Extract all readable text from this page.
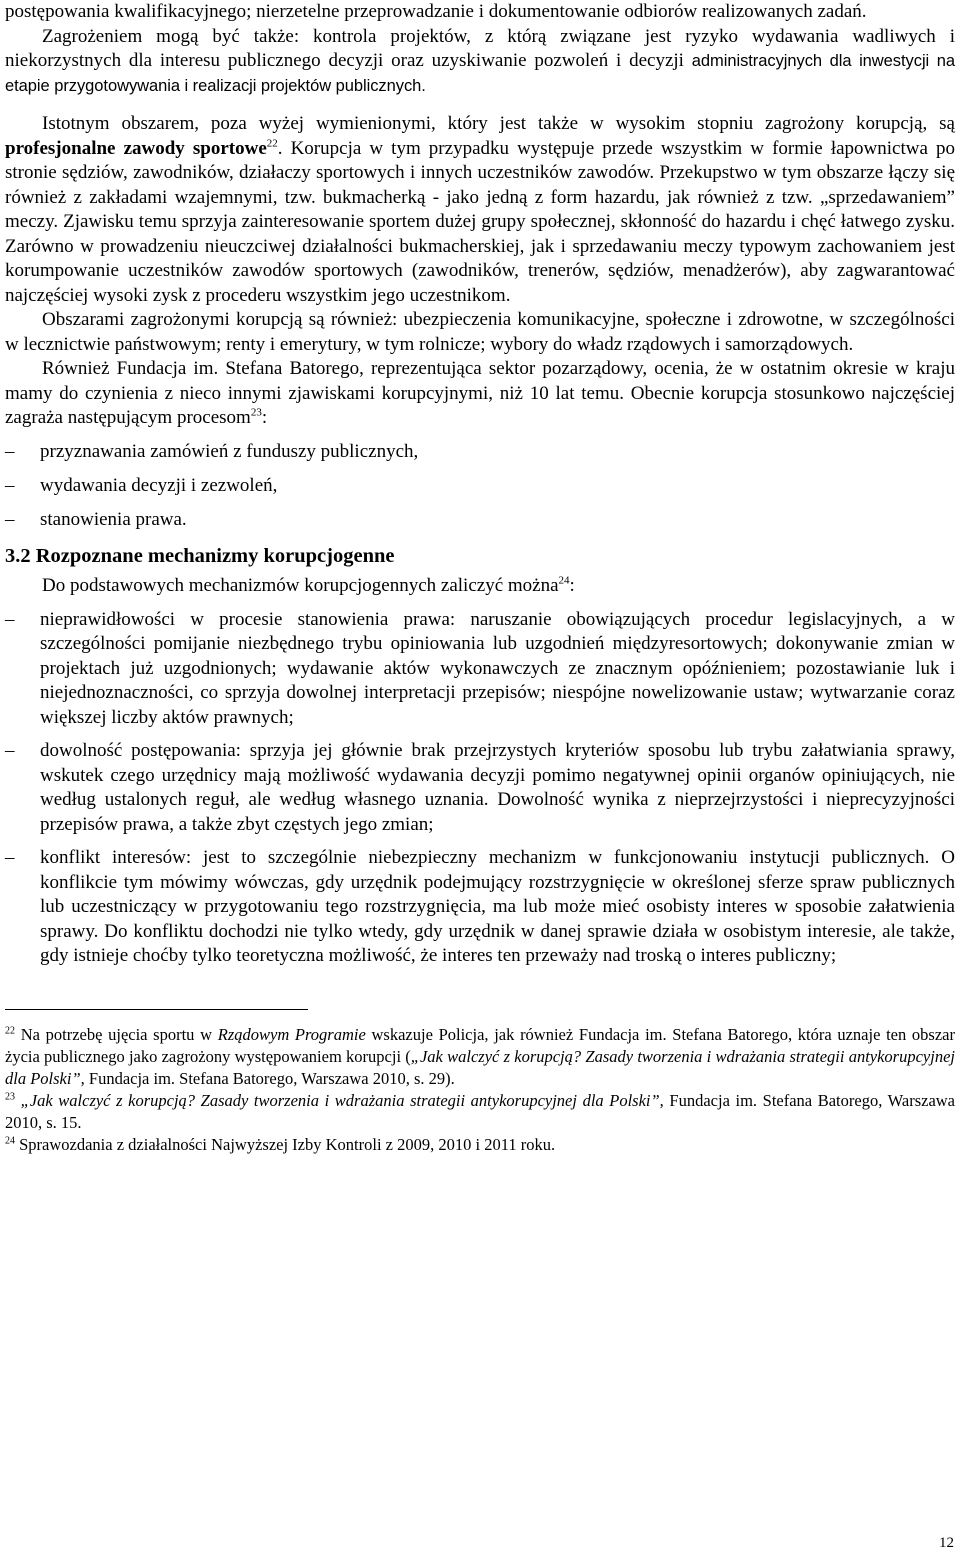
postępowania kwalifikacyjnego; nierzetelne przeprowadzanie i dokumentowanie odbiorów realizowanych zadań.

Zagrożeniem mogą być także: kontrola projektów, z którą związane jest ryzyko wydawania wadliwych i niekorzystnych dla interesu publicznego decyzji oraz uzyskiwanie pozwoleń i decyzji administracyjnych dla inwestycji na etapie przygotowywania i realizacji projektów publicznych.

Istotnym obszarem, poza wyżej wymienionymi, który jest także w wysokim stopniu zagrożony korupcją, są profesjonalne zawody sportowe$^{22}$. Korupcja w tym przypadku występuje przede wszystkim w formie łapownictwa po stronie sędziów, zawodników, działaczy sportowych i innych uczestników zawodów. Przekupstwo w tym obszarze łączy się również z zakładami wzajemnymi, tzw. bukmacherką - jako jedną z form hazardu, jak również z tzw. „sprzedawaniem” meczy. Zjawisku temu sprzyja zainteresowanie sportem dużej grupy społecznej, skłonność do hazardu i chęć łatwego zysku. Zarówno w prowadzeniu nieuczciwej działalności bukmacherskiej, jak i sprzedawaniu meczy typowym zachowaniem jest korumpowanie uczestników zawodów sportowych (zawodników, trenerów, sędziów, menadżerów), aby zagwarantować najczęściej wysoki zysk z procederu wszystkim jego uczestnikom.

Obszarami zagrożonymi korupcją są również: ubezpieczenia komunikacyjne, społeczne i zdrowotne, w szczególności w lecznictwie państwowym; renty i emerytury, w tym rolnicze; wybory do władz rządowych i samorządowych.

Również Fundacja im. Stefana Batorego, reprezentująca sektor pozarządowy, ocenia, że w ostatnim okresie w kraju mamy do czynienia z nieco innymi zjawiskami korupcyjnymi, niż 10 lat temu. Obecnie korupcja stosunkowo najczęściej zagraża następującym procesom$^{23}$:

– przyznawania zamówień z funduszy publicznych,
– wydawania decyzji i zezwoleń,
– stanowienia prawa.
3.2 Rozpoznane mechanizmy korupcjogenne

Do podstawowych mechanizmów korupcjogennych zaliczyć można$^{24}$:

– nieprawidłowości w procesie stanowienia prawa: naruszanie obowiązujących procedur legislacyjnych, a w szczególności pomijanie niezbędnego trybu opiniowania lub uzgodnień międzyresortowych; dokonywanie zmian w projektach już uzgodnionych; wydawanie aktów wykonawczych ze znacznym opóźnieniem; pozostawianie luk i niejednoznaczności, co sprzyja dowolnej interpretacji przepisów; niespójne nowelizowanie ustaw; wytwarzanie coraz większej liczby aktów prawnych;
– dowolność postępowania: sprzyja jej głównie brak przejrzystych kryteriów sposobu lub trybu załatwiania sprawy, wskutek czego urzędnicy mają możliwość wydawania decyzji pomimo negatywnej opinii organów opiniujących, nie według ustalonych reguł, ale według własnego uznania. Dowolność wynika z nieprzejrzystości i nieprecyzyjności przepisów prawa, a także zbyt częstych jego zmian;
– konflikt interesów: jest to szczególnie niebezpieczny mechanizm w funkcjonowaniu instytucji publicznych. O konflikcie tym mówimy wówczas, gdy urzędnik podejmujący rozstrzygnięcie w określonej sferze spraw publicznych lub uczestniczący w przygotowaniu tego rozstrzygnięcia, ma lub może mieć osobisty interes w sposobie załatwienia sprawy. Do konfliktu dochodzi nie tylko wtedy, gdy urzędnik w danej sprawie działa w osobistym interesie, ale także, gdy istnieje choćby tylko teoretyczna możliwość, że interes ten przeważy nad troską o interes publiczny;

$^{22}$ Na potrzebę ujęcia sportu w Rządowym Programie wskazuje Policja, jak również Fundacja im. Stefana Batorego, która uznaje ten obszar życia publicznego jako zagrożony występowaniem korupcji („Jak walczyć z korupcją? Zasady tworzenia i wdrażania strategii antykorupcyjnej dla Polski”, Fundacja im. Stefana Batorego, Warszawa 2010, s. 29).

$^{23}$ „Jak walczyć z korupcją? Zasady tworzenia i wdrażania strategii antykorupcyjnej dla Polski”, Fundacja im. Stefana Batorego, Warszawa 2010, s. 15.

$^{24}$ Sprawozdania z działalności Najwyższej Izby Kontroli z 2009, 2010 i 2011 roku.

12
